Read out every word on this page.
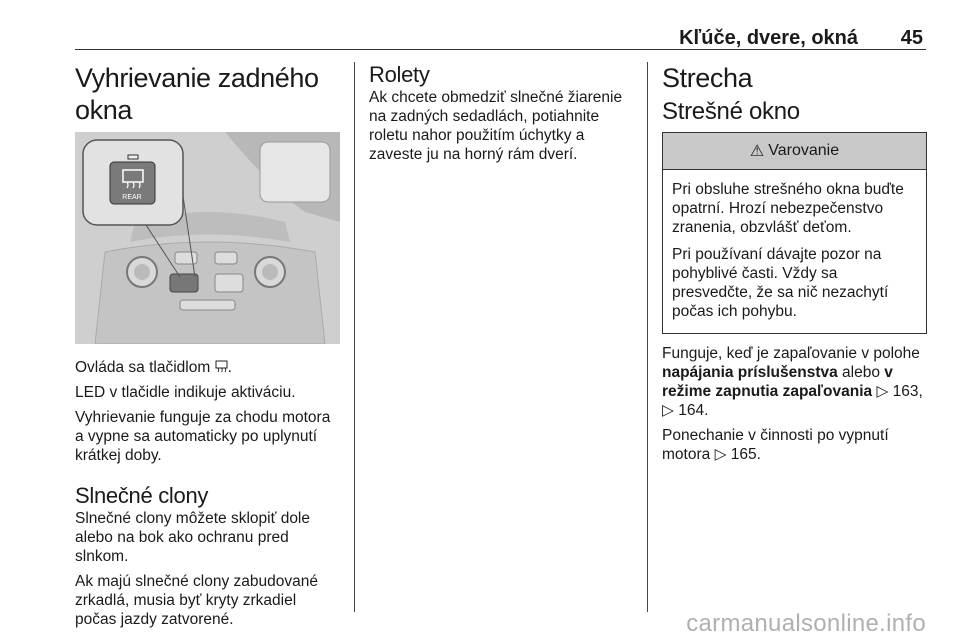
Kľúče, dvere, okná 45
Vyhrievanie zadného okna
REAR

Ovláda sa tlačidlom .

LED v tlačidle indikuje aktiváciu.

Vyhrievanie funguje za chodu motora a vypne sa automaticky po uplynutí krátkej doby.

Slnečné clony

Slnečné clony môžete sklopiť dole alebo na bok ako ochranu pred slnkom.

Ak majú slnečné clony zabudované zrkadlá, musia byť kryty zrkadiel počas jazdy zatvorené.

Rolety

Ak chcete obmedziť slnečné žiarenie na zadných sedadlách, potiahnite roletu nahor použitím úchytky a zaveste ju na horný rám dverí.

Strecha
Strešné okno
⚠ Varovanie

Pri obsluhe strešného okna buďte opatrní. Hrozí nebezpečenstvo zranenia, obzvlášť deťom.

Pri používaní dávajte pozor na pohyblivé časti. Vždy sa presvedčte, že sa nič nezachytí počas ich pohybu.

Funguje, keď je zapaľovanie v polohe napájania príslušenstva alebo v režime zapnutia zapaľovania ▷ 163,
▷ 164.

Ponechanie v činnosti po vypnutí motora ▷ 165.

carmanualsonline.info
